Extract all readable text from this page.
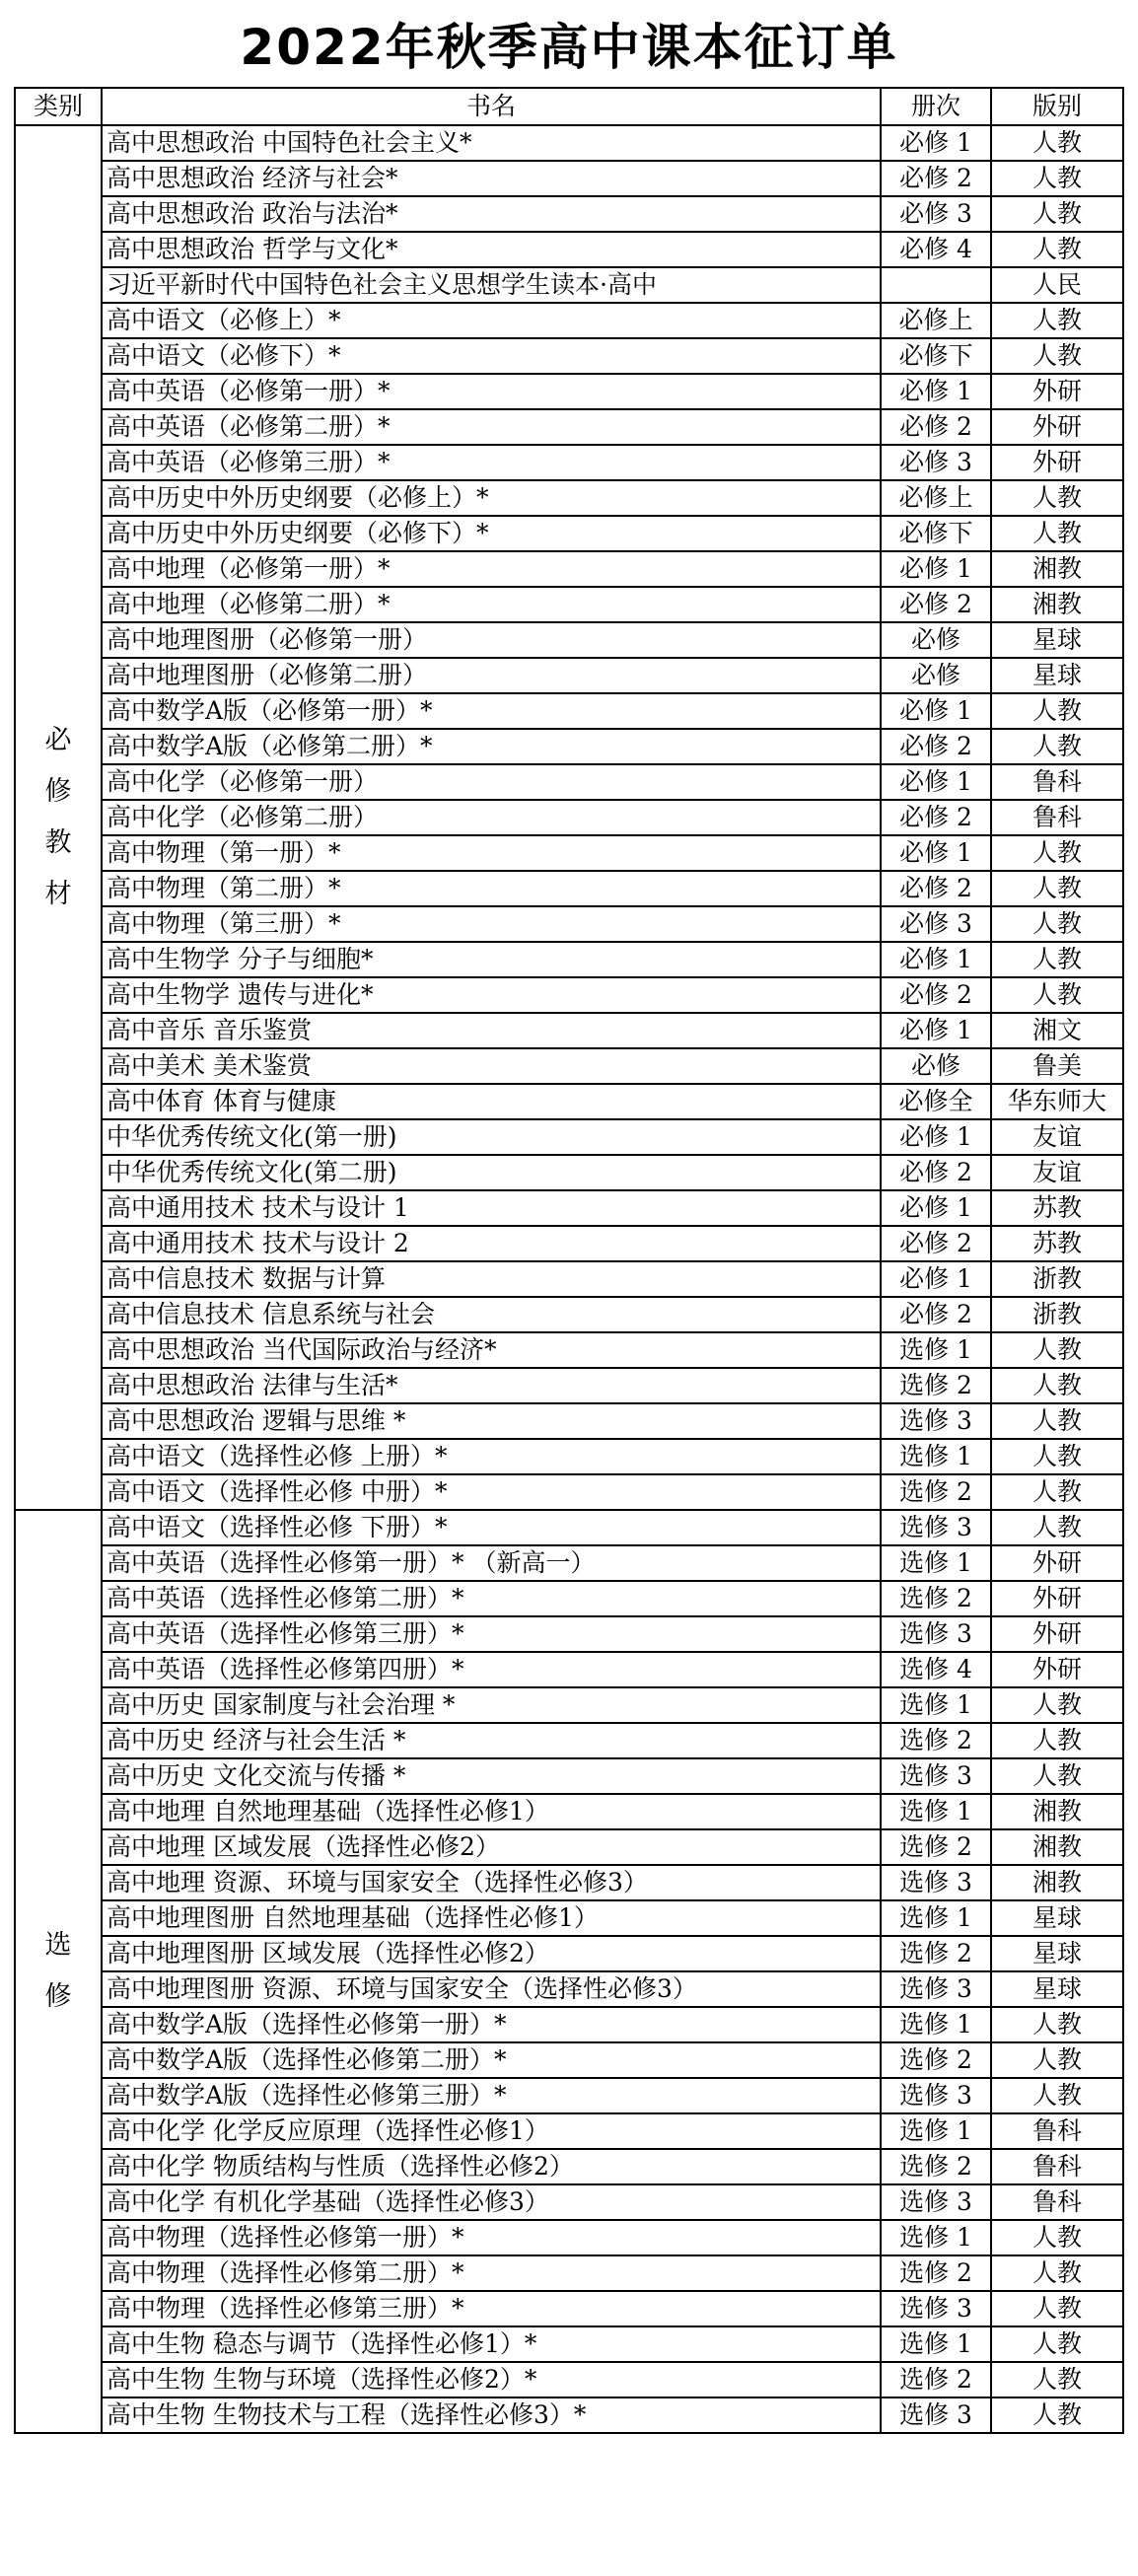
2022年秋季高中课本征订单
类别	书名	册次	版别
必修 教材	高中思想政治 中国特色社会主义*	必修 1	人教
	高中思想政治 经济与社会*	必修 2	人教
	高中思想政治 政治与法治*	必修 3	人教
	高中思想政治 哲学与文化*	必修 4	人教
	习近平新时代中国特色社会主义思想学生读本·高中		人民
	高中语文（必修上）*	必修上	人教
	高中语文（必修下）*	必修下	人教
	高中英语（必修第一册）*	必修 1	外研
	高中英语（必修第二册）*	必修 2	外研
	高中英语（必修第三册）*	必修 3	外研
	高中历史中外历史纲要（必修上）*	必修上	人教
	高中历史中外历史纲要（必修下）*	必修下	人教
	高中地理（必修第一册）*	必修 1	湘教
	高中地理（必修第二册）*	必修 2	湘教
	高中地理图册（必修第一册）	必修	星球
	高中地理图册（必修第二册）	必修	星球
	高中数学A版（必修第一册）*	必修 1	人教
	高中数学A版（必修第二册）*	必修 2	人教
	高中化学（必修第一册）	必修 1	鲁科
	高中化学（必修第二册）	必修 2	鲁科
	高中物理（第一册）*	必修 1	人教
	高中物理（第二册）*	必修 2	人教
	高中物理（第三册）*	必修 3	人教
	高中生物学 分子与细胞*	必修 1	人教
	高中生物学 遗传与进化*	必修 2	人教
	高中音乐 音乐鉴赏	必修 1	湘文
	高中美术 美术鉴赏	必修	鲁美
	高中体育 体育与健康	必修全	华东师大
	中华优秀传统文化(第一册)	必修 1	友谊
	中华优秀传统文化(第二册)	必修 2	友谊
	高中通用技术 技术与设计 1	必修 1	苏教
	高中通用技术 技术与设计 2	必修 2	苏教
	高中信息技术 数据与计算	必修 1	浙教
	高中信息技术 信息系统与社会	必修 2	浙教
	高中思想政治 当代国际政治与经济*	选修 1	人教
	高中思想政治 法律与生活*	选修 2	人教
	高中思想政治 逻辑与思维 *	选修 3	人教
	高中语文（选择性必修 上册）*	选修 1	人教
	高中语文（选择性必修 中册）*	选修 2	人教
选 修	高中语文（选择性必修 下册）*	选修 3	人教
	高中英语（选择性必修第一册）* （新高一）	选修 1	外研
	高中英语（选择性必修第二册）*	选修 2	外研
	高中英语（选择性必修第三册）*	选修 3	外研
	高中英语（选择性必修第四册）*	选修 4	外研
	高中历史 国家制度与社会治理 *	选修 1	人教
	高中历史 经济与社会生活 *	选修 2	人教
	高中历史 文化交流与传播 *	选修 3	人教
	高中地理 自然地理基础（选择性必修1）	选修 1	湘教
	高中地理 区域发展（选择性必修2）	选修 2	湘教
	高中地理 资源、环境与国家安全（选择性必修3）	选修 3	湘教
	高中地理图册 自然地理基础（选择性必修1）	选修 1	星球
	高中地理图册 区域发展（选择性必修2）	选修 2	星球
	高中地理图册 资源、环境与国家安全（选择性必修3）	选修 3	星球
	高中数学A版（选择性必修第一册）*	选修 1	人教
	高中数学A版（选择性必修第二册）*	选修 2	人教
	高中数学A版（选择性必修第三册）*	选修 3	人教
	高中化学 化学反应原理（选择性必修1）	选修 1	鲁科
	高中化学 物质结构与性质（选择性必修2）	选修 2	鲁科
	高中化学 有机化学基础（选择性必修3）	选修 3	鲁科
	高中物理（选择性必修第一册）*	选修 1	人教
	高中物理（选择性必修第二册）*	选修 2	人教
	高中物理（选择性必修第三册）*	选修 3	人教
	高中生物 稳态与调节（选择性必修1）*	选修 1	人教
	高中生物 生物与环境（选择性必修2）*	选修 2	人教
	高中生物 生物技术与工程（选择性必修3）*	选修 3	人教
